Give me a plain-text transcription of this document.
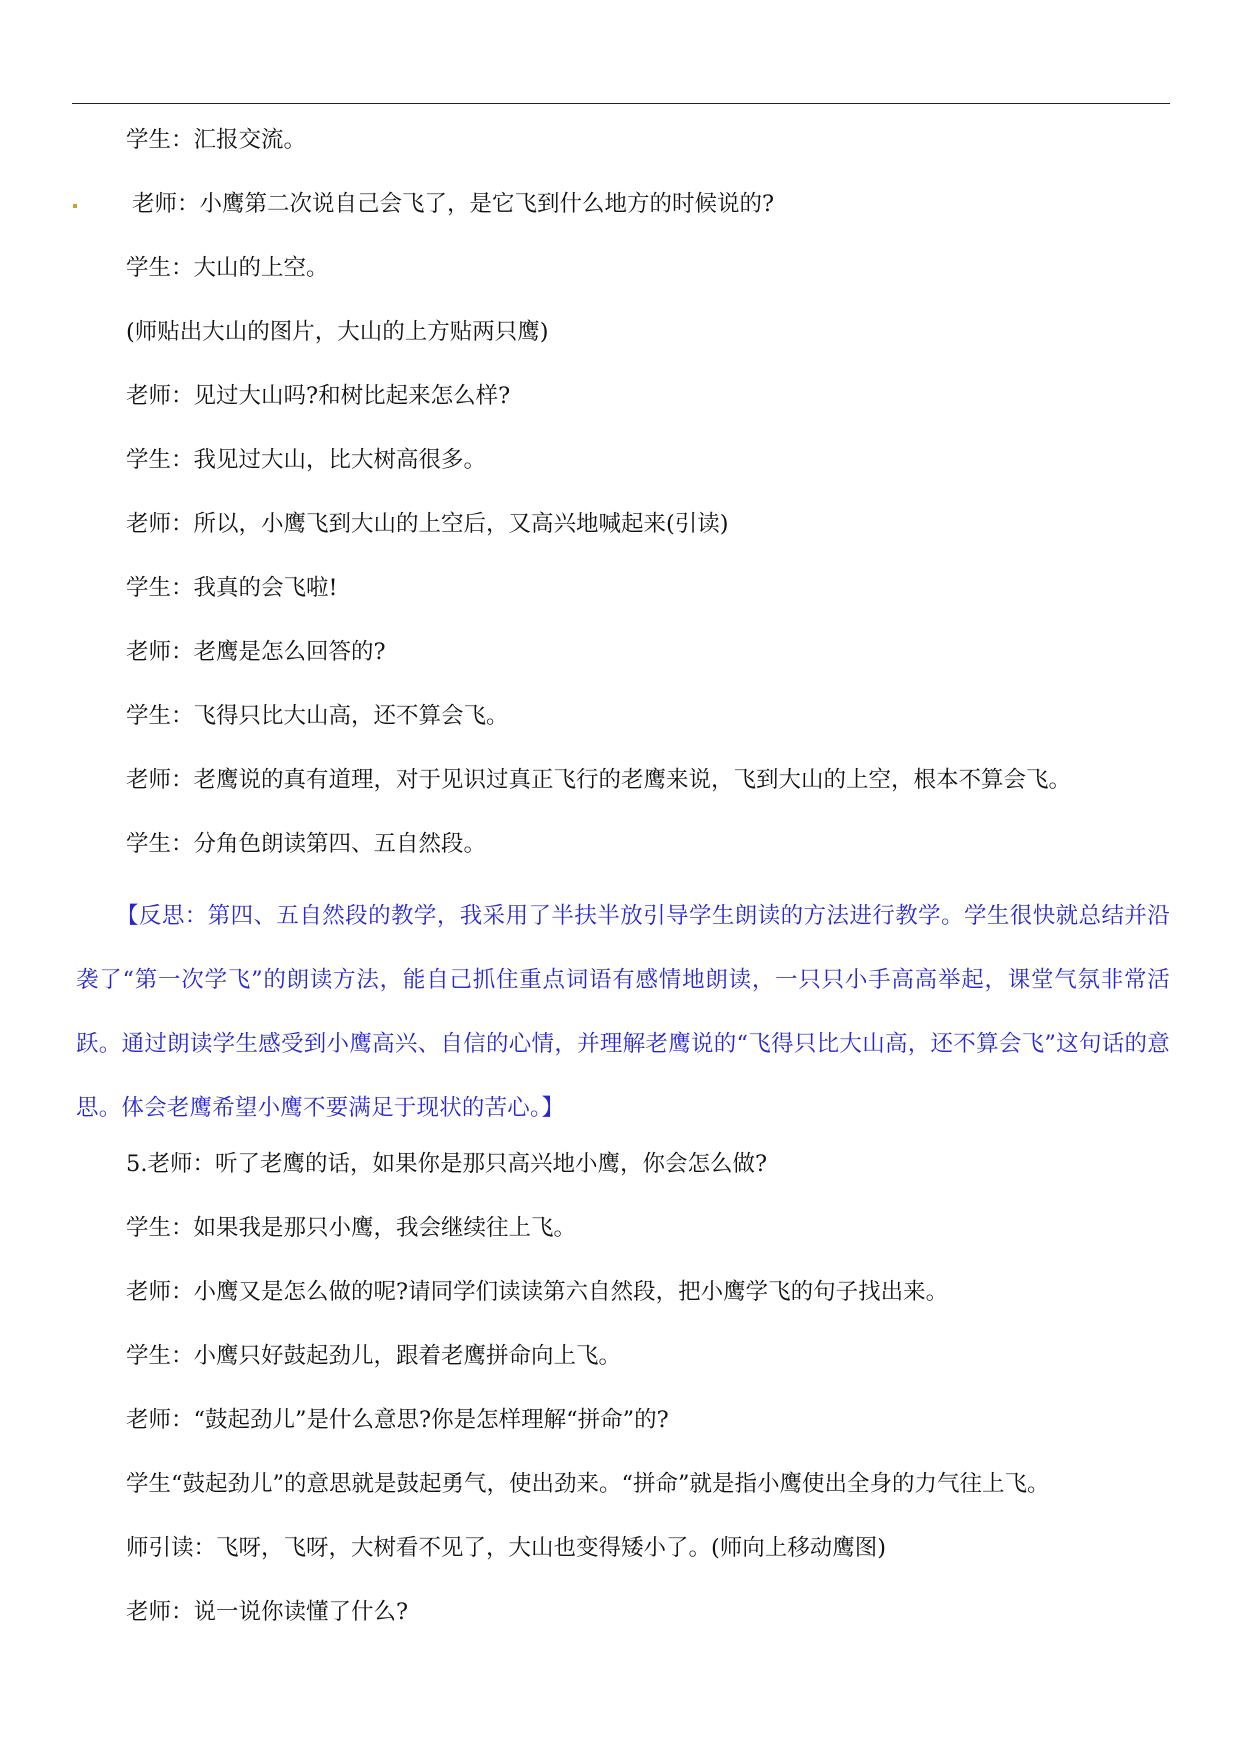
学生：汇报交流。
老师：小鹰第二次说自己会飞了，是它飞到什么地方的时候说的?
学生：大山的上空。
(师贴出大山的图片，大山的上方贴两只鹰)
老师：见过大山吗?和树比起来怎么样?
学生：我见过大山，比大树高很多。
老师：所以，小鹰飞到大山的上空后，又高兴地喊起来(引读)
学生：我真的会飞啦!
老师：老鹰是怎么回答的?
学生：飞得只比大山高，还不算会飞。
老师：老鹰说的真有道理，对于见识过真正飞行的老鹰来说，飞到大山的上空，根本不算会飞。
学生：分角色朗读第四、五自然段。
【反思：第四、五自然段的教学，我采用了半扶半放引导学生朗读的方法进行教学。学生很快就总结并沿袭了“第一次学飞”的朗读方法，能自己抓住重点词语有感情地朗读，一只只小手高高举起，课堂气氛非常活跃。通过朗读学生感受到小鹰高兴、自信的心情，并理解老鹰说的“飞得只比大山高，还不算会飞”这句话的意思。体会老鹰希望小鹰不要满足于现状的苦心。】
5.老师：听了老鹰的话，如果你是那只高兴地小鹰，你会怎么做?
学生：如果我是那只小鹰，我会继续往上飞。
老师：小鹰又是怎么做的呢?请同学们读读第六自然段，把小鹰学飞的句子找出来。
学生：小鹰只好鼓起劲儿，跟着老鹰拼命向上飞。
老师：“鼓起劲儿”是什么意思?你是怎样理解“拼命”的?
学生“鼓起劲儿”的意思就是鼓起勇气，使出劲来。“拼命”就是指小鹰使出全身的力气往上飞。
师引读：飞呀，飞呀，大树看不见了，大山也变得矮小了。(师向上移动鹰图)
老师：说一说你读懂了什么?
